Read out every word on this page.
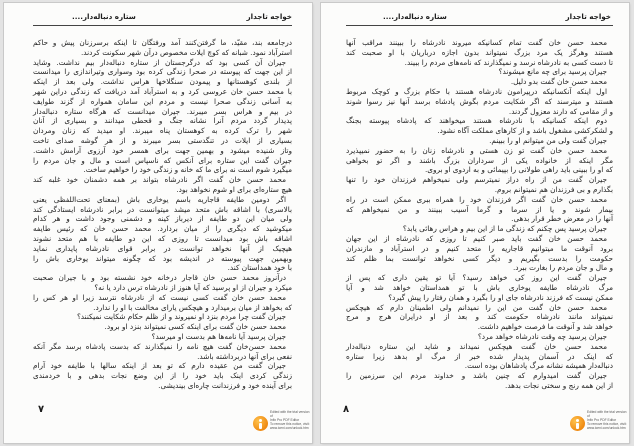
خواجه تاجدار
ستاره دنباله‌دار....
درجامعه بند، مقیّد، ما گرفتن‌کنند آمد ورفتگان تا اینکه برسرزنان پیش و حاکم
استرآباد نمود. شبانه که کوچ ایلات مخصوص درآن شهر سکونت کردند.
جیران آن کسی بود که درگرجستان از ستاره دنباله‌دار بیم نداشت. وشاید
از این جهت که پیوسته در صحرا زندگی کرده بود وسواری وتیراندازی را میدانست
از بلندی کوهستانها و پیمودن سنگلاخها هراس نداشت. ولی بعد از اینکه
با محمد حسن خان عروسی کرد و به استرآباد آمد دریافت که زندگی دراین شهر
به آسانی زندگی صحرا نیست و مردم این سامان همواره از گزند طوایف
در بیم و هراس بسر میبرند. جیران میدانست که هرگاه ستاره دنباله‌دار
پدیدار گردد مردم آنرا نشانه جنگ و قحطی میدانند و بسیاری از آنان
شهر را ترک کرده به کوهستان پناه میبرند. او میدید که زنان ومردان
بسیاری از ایلات در تنگدستی بسر میبرند و از هر گوشه صدای تاخت
وتاز شنیده میشود و بهمین جهت برای همسر خود آرزوی آرامش داشت.
جیران گفت این ستاره برای آنکس که ناسپاس است و مال و جان مردم را
میگیرد شوم است نه برای ما که خانه و زندگی خود را خواهیم ساخت.
محمد حسن خان گفت اگر نادرشاه بتواند بر همه دشمنان خود غلبه کند
هیچ ستاره‌ای برای او شوم نخواهد بود.
اگر دومین طایفه قاجاریه باسم یوخاری باش (بمعنای تحت‌اللفظی یعنی
بالاسری) با اشاقه باش متحد میشد میتوانست در برابر نادرشاه ایستادگی کند
ولی میان این دو طایفه از دیرباز کینه و دشمنی وجود داشت و هر کدام
میکوشید که دیگری را از میان بردارد. محمد حسن خان که رئیس طایفه
اشاقه باش بود میدانست تا روزی که این دو طایفه با هم متحد نشوند
هیچیک از آنها نخواهد توانست در برابر قوای نادرشاه پایداری نماید
وبهمین جهت پیوسته در اندیشه بود که چگونه میتواند یوخاری باش را
با خود همداستان کند.
درآنروز محمد حسن خان قاجار درخانه خود نشسته بود و با جیران صحبت
میکرد و جیران از او پرسید که آیا هنوز از نادرشاه ترس دارد یا نه؟
محمد حسن خان گفت کسی نیست که از نادرشاه نترسد زیرا او هر کس را
که بخواهد از میان برمیدارد و هیچکس یارای مخالفت با او را ندارد.
جیران گفت چرا مردم بنزد او نمیروند و از ظلم حکام شکایت نمیکنند؟
محمد حسن خان گفت برای اینکه کسی نمیتواند بنزد او برود.
جیران پرسید آیا نامه‌ها هم بدست او میرسد؟
محمد حسن‌خان گفت هیچ نامه را نمیگذارند که بدست پادشاه برسد مگر آنکه
نفعی برای آنها دربرداشته باشد.
جیران گفت من عقیده دارم که تو بعد از اینکه سالها با طایفه خود آرام
زندگی کردی اینک باید خود را از این وضع نجات بدهی و با خردمندی
برای آینده خود و فرزندانت چاره‌ای بیندیشی.
۷	Edited with the trial version of
Infix Pro PDF Editor
To remove this notice, visit:
www.iceni.com/unlock.htm
خواجه تاجدار
ستاره دنباله‌دار....
محمد حسن خان گفت تمام کسانیکه میروند نادرشاه را ببینند مراقب آنها
هستند وهرگز یک مرد بزرگ نمیتواند بدون اجازه درباریان با او صحبت کند
تا دست کسی به نادرشاه نرسد و نمیگذارند که نامه‌های مردم را ببیند.
جیران پرسید برای چه مانع میشوند؟
محمد حسن خان گفت بدو دلیل.
اول اینکه آنکسانیکه درپیرامون نادرشاه هستند با حکام بزرگ و کوچک مربوط
هستند و میترسند که اگر شکایت مردم بگوش پادشاه برسد آنها نیز رسوا شوند
و از مقامی که دارند معزول گردند.
دوم اینکه کسانیکه با نادرشاه هستند میخواهند که پادشاه پیوسته بجنگ
و لشکرکشی مشغول باشد و از کارهای مملکت آگاه نشود.
جیران گفت ولی من میتوانم او را ببینم.
محمد حسن خان گفت تو زن هستی و نادرشاه زنان را به حضور نمیپذیرد
مگر اینکه از خانواده یکی از سرداران بزرگ باشند و اگر تو بخواهی
که او را ببینی باید راهی طولانی را بپیمائی و به اردوی او بروی.
جیران گفت من از راه دراز نمیترسم ولی نمیخواهم فرزندان خود را تنها
بگذارم و بی فرزندان هم نمیتوانم بروم.
محمد حسن خان گفت اگر فرزندان خود را همراه ببری ممکن است در راه
بیمار شوند و یا از سرما و گرما آسیب ببینند و من نمیخواهم که
آنها را در معرض خطر قرار بدهی.
جیران پرسید پس چکنم که زندگی ما از این بیم و هراس رهائی یابد؟
محمد حسن خان گفت باید صبر کنیم تا روزی که نادرشاه از این جهان
برود آنوقت ما میتوانیم قاجاریه را متحد کنیم و در استرآباد و مازندران
حکومت را بدست بگیریم و دیگر کسی نخواهد توانست بما ظلم کند
و مال و جان مردم را بغارت ببرد.
جیران گفت این روز کی خواهد رسید؟ آیا تو یقین داری که پس از
مرگ نادرشاه طایفه یوخاری باش با تو همداستان خواهد شد و آیا
ممکن نیست که فرزند نادرشاه جای او را بگیرد و همان رفتار را پیش گیرد؟
محمد حسن خان گفت من این را نمیدانم ولی اطمینان دارم که هیچکس
نمیتواند مانند نادرشاه حکومت کند و بعد از او درایران هرج و مرج
خواهد شد و آنوقت ما فرصت خواهیم داشت.
جیران پرسید چه وقت نادرشاه خواهد مرد؟
محمد حسن خان گفت هیچکس نمیداند و شاید این ستاره دنباله‌دار
که اینک در آسمان پدیدار شده خبر از مرگ او بدهد زیرا ستاره
دنباله‌دار همیشه نشانه مرگ پادشاهان بوده است.
جیران گفت امیدوارم که چنین باشد و خداوند مردم این سرزمین را
از این همه رنج و سختی نجات بدهد.
۸	Edited with the trial version of
Infix Pro PDF Editor
To remove this notice, visit:
www.iceni.com/unlock.htm
